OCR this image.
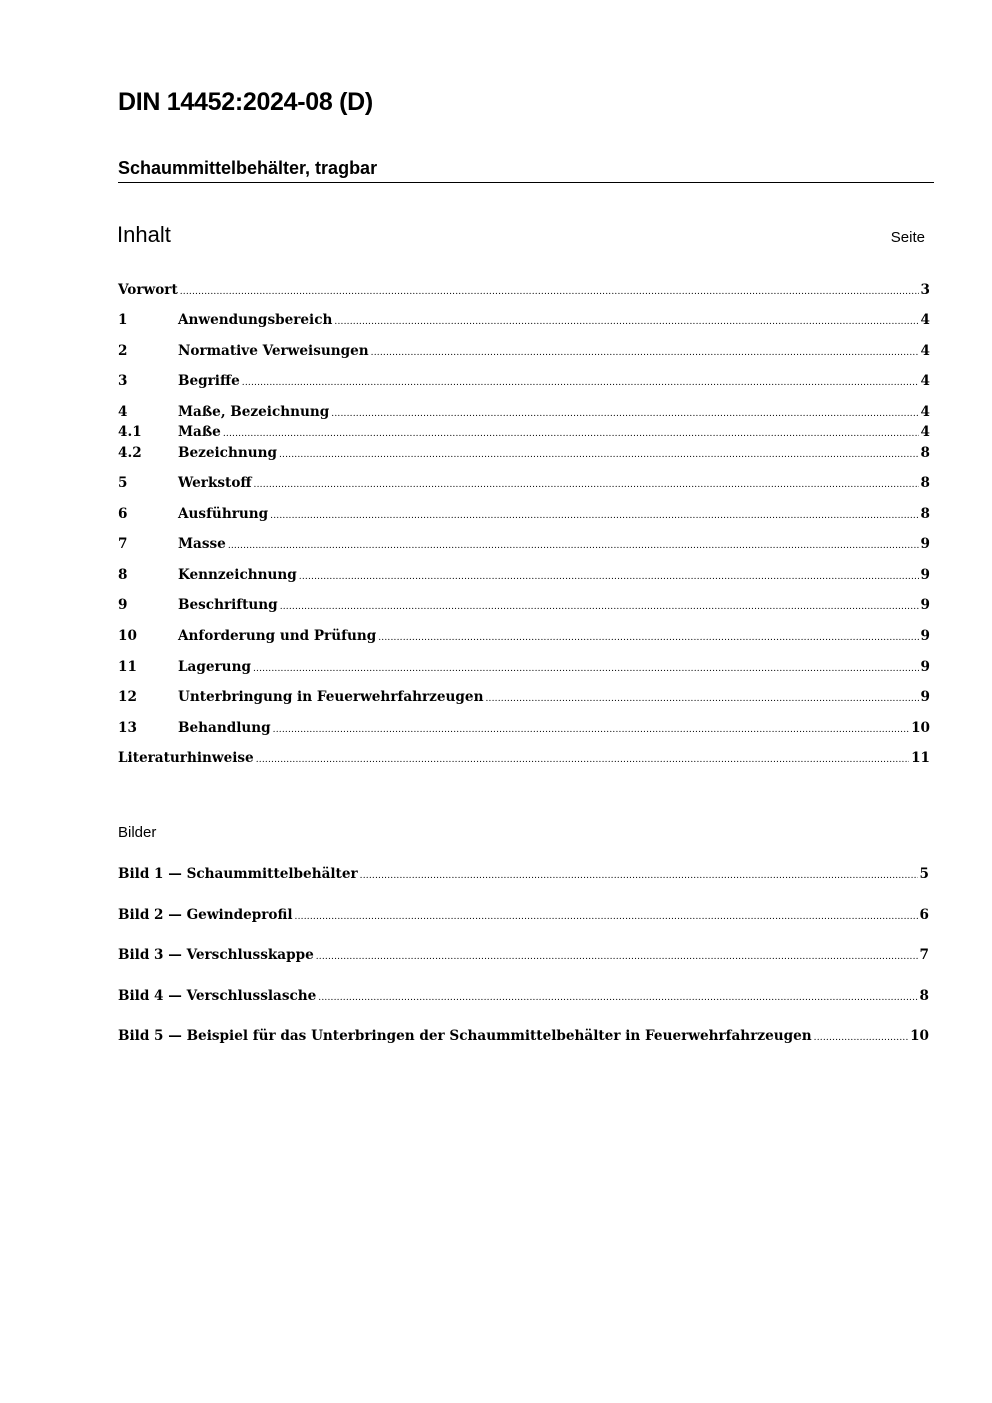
DIN 14452:2024-08 (D)
Schaummittelbehälter, tragbar
Inhalt	Seite
Vorwort .....	3
1	Anwendungsbereich .....	4
2	Normative Verweisungen .....	4
3	Begriffe .....	4
4	Maße, Bezeichnung .....	4
4.1	Maße .....	4
4.2	Bezeichnung .....	8
5	Werkstoff .....	8
6	Ausführung .....	8
7	Masse .....	9
8	Kennzeichnung .....	9
9	Beschriftung .....	9
10	Anforderung und Prüfung .....	9
11	Lagerung .....	9
12	Unterbringung in Feuerwehrfahrzeugen .....	9
13	Behandlung .....	10
Literaturhinweise .....	11
Bilder
Bild 1 — Schaummittelbehälter .....	5
Bild 2 — Gewindeprofil .....	6
Bild 3 — Verschlusskappe .....	7
Bild 4 — Verschlusslasche .....	8
Bild 5 — Beispiel für das Unterbringen der Schaummittelbehälter in Feuerwehrfahrzeugen .....	10
